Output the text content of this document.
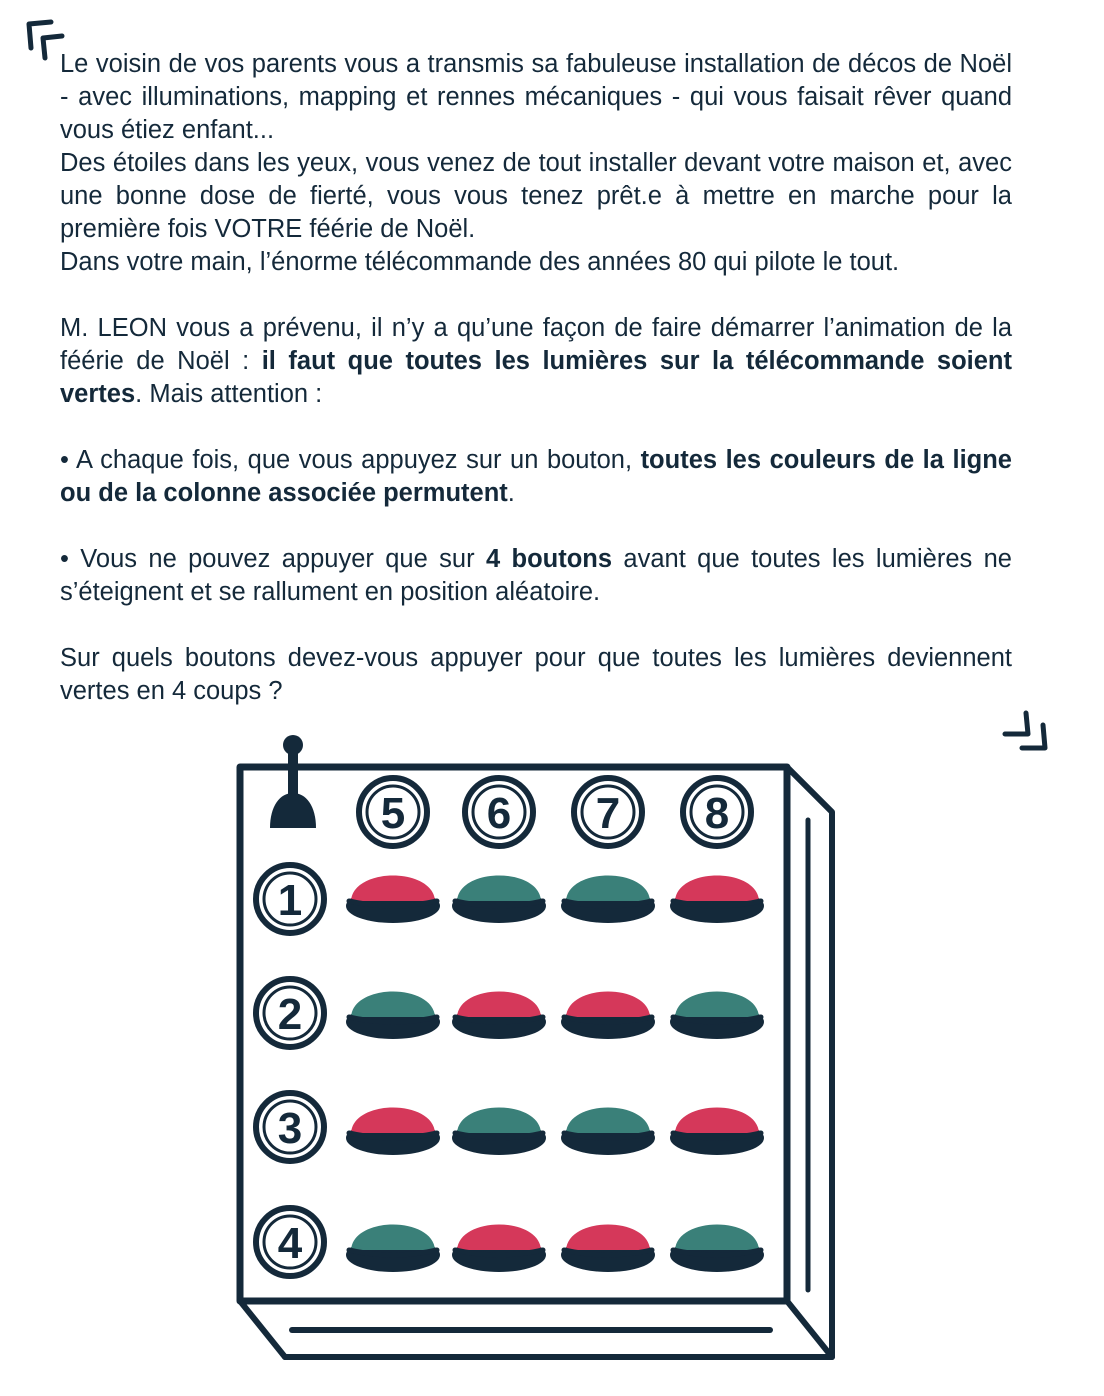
Le voisin de vos parents vous a transmis sa fabuleuse installation de décos de Noël - avec illuminations, mapping et rennes mécaniques - qui vous faisait rêver quand vous étiez enfant...

Des étoiles dans les yeux, vous venez de tout installer devant votre maison et, avec une bonne dose de fierté, vous vous tenez prêt.e à mettre en marche pour la première fois VOTRE féérie de Noël.

Dans votre main, l’énorme télécommande des années 80 qui pilote le tout.

M. LEON vous a prévenu, il n’y a qu’une façon de faire démarrer l’animation de la féérie de Noël : il faut que toutes les lumières sur la télécommande soient vertes. Mais attention :

• A chaque fois, que vous appuyez sur un bouton, toutes les couleurs de la ligne ou de la colonne associée permutent.

• Vous ne pouvez appuyer que sur 4 boutons avant que toutes les lumières ne s’éteignent et se rallument en position aléatoire.

Sur quels boutons devez-vous appuyer pour que toutes les lumières deviennent vertes en 4 coups ?

5 6 7 8
1
2
3
4
